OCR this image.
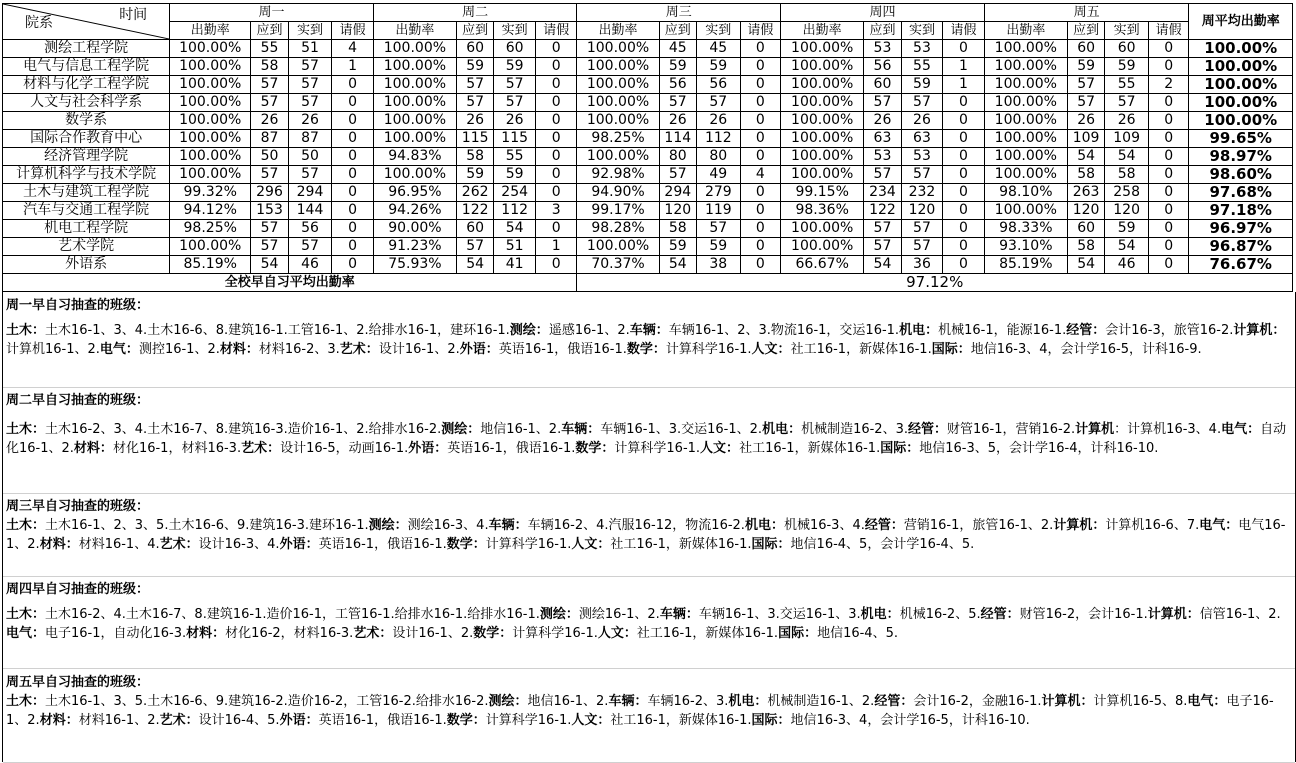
院系 时间	周一				周二				周三				周四				周五				周平均出勤率
	出勤率	应到	实到	请假	出勤率	应到	实到	请假	出勤率	应到	实到	请假	出勤率	应到	实到	请假	出勤率	应到	实到	请假	
测绘工程学院	100.00%	55	51	4	100.00%	60	60	0	100.00%	45	45	0	100.00%	53	53	0	100.00%	60	60	0	100.00%
电气与信息工程学院	100.00%	58	57	1	100.00%	59	59	0	100.00%	59	59	0	100.00%	56	55	1	100.00%	59	59	0	100.00%
材料与化学工程学院	100.00%	57	57	0	100.00%	57	57	0	100.00%	56	56	0	100.00%	60	59	1	100.00%	57	55	2	100.00%
人文与社会科学系	100.00%	57	57	0	100.00%	57	57	0	100.00%	57	57	0	100.00%	57	57	0	100.00%	57	57	0	100.00%
数学系	100.00%	26	26	0	100.00%	26	26	0	100.00%	26	26	0	100.00%	26	26	0	100.00%	26	26	0	100.00%
国际合作教育中心	100.00%	87	87	0	100.00%	115	115	0	98.25%	114	112	0	100.00%	63	63	0	100.00%	109	109	0	99.65%
经济管理学院	100.00%	50	50	0	94.83%	58	55	0	100.00%	80	80	0	100.00%	53	53	0	100.00%	54	54	0	98.97%
计算机科学与技术学院	100.00%	57	57	0	100.00%	59	59	0	92.98%	57	49	4	100.00%	57	57	0	100.00%	58	58	0	98.60%
土木与建筑工程学院	99.32%	296	294	0	96.95%	262	254	0	94.90%	294	279	0	99.15%	234	232	0	98.10%	263	258	0	97.68%
汽车与交通工程学院	94.12%	153	144	0	94.26%	122	112	3	99.17%	120	119	0	98.36%	122	120	0	100.00%	120	120	0	97.18%
机电工程学院	98.25%	57	56	0	90.00%	60	54	0	98.28%	58	57	0	100.00%	57	57	0	98.33%	60	59	0	96.97%
艺术学院	100.00%	57	57	0	91.23%	57	51	1	100.00%	59	59	0	100.00%	57	57	0	93.10%	58	54	0	96.87%
外语系	85.19%	54	46	0	75.93%	54	41	0	70.37%	54	38	0	66.67%	54	36	0	85.19%	54	46	0	76.67%
全校早自习平均出勤率									97.12%												
周一早自习抽查的班级：
土木：土木16-1、3、4.土木16-6、8.建筑16-1.工管16-1、2.给排水16-1，建环16-1.测绘：遥感16-1、2.车辆：车辆16-1、2、3.物流16-1，交运16-1.机电：机械16-1，能源16-1.经管：会计16-3，旅管16-2.计算机：计算机16-1、2.电气：测控16-1、2.材料：材料16-2、3.艺术：设计16-1、2.外语：英语16-1，俄语16-1.数学：计算科学16-1.人文：社工16-1，新媒体16-1.国际：地信16-3、4，会计学16-5，计科16-9.
周二早自习抽查的班级：
土木：土木16-2、3、4.土木16-7、8.建筑16-3.造价16-1、2.给排水16-2.测绘：地信16-1、2.车辆：车辆16-1、3.交运16-1、2.机电：机械制造16-2、3.经管：财管16-1，营销16-2.计算机：计算机16-3、4.电气：自动化16-1、2.材料：材化16-1，材料16-3.艺术：设计16-5，动画16-1.外语：英语16-1，俄语16-1.数学：计算科学16-1.人文：社工16-1，新媒体16-1.国际：地信16-3、5，会计学16-4，计科16-10.
周三早自习抽查的班级：
土木：土木16-1、2、3、5.土木16-6、9.建筑16-3.建环16-1.测绘：测绘16-3、4.车辆：车辆16-2、4.汽服16-12，物流16-2.机电：机械16-3、4.经管：营销16-1，旅管16-1、2.计算机：计算机16-6、7.电气：电气16-1、2.材料：材料16-1、4.艺术：设计16-3、4.外语：英语16-1，俄语16-1.数学：计算科学16-1.人文：社工16-1，新媒体16-1.国际：地信16-4、5，会计学16-4、5.
周四早自习抽查的班级：
土木：土木16-2、4.土木16-7、8.建筑16-1.造价16-1，工管16-1.给排水16-1.给排水16-1.测绘：测绘16-1、2.车辆：车辆16-1、3.交运16-1、3.机电：机械16-2、5.经管：财管16-2，会计16-1.计算机：信管16-1、2.电气：电子16-1，自动化16-3.材料：材化16-2，材料16-3.艺术：设计16-1、2.数学：计算科学16-1.人文：社工16-1，新媒体16-1.国际：地信16-4、5.
周五早自习抽查的班级：
土木：土木16-1、3、5.土木16-6、9.建筑16-2.造价16-2，工管16-2.给排水16-2.测绘：地信16-1、2.车辆：车辆16-2、3.机电：机械制造16-1、2.经管：会计16-2，金融16-1.计算机：计算机16-5、8.电气：电子16-1、2.材料：材料16-1、2.艺术：设计16-4、5.外语：英语16-1，俄语16-1.数学：计算科学16-1.人文：社工16-1，新媒体16-1.国际：地信16-3、4，会计学16-5，计科16-10.
